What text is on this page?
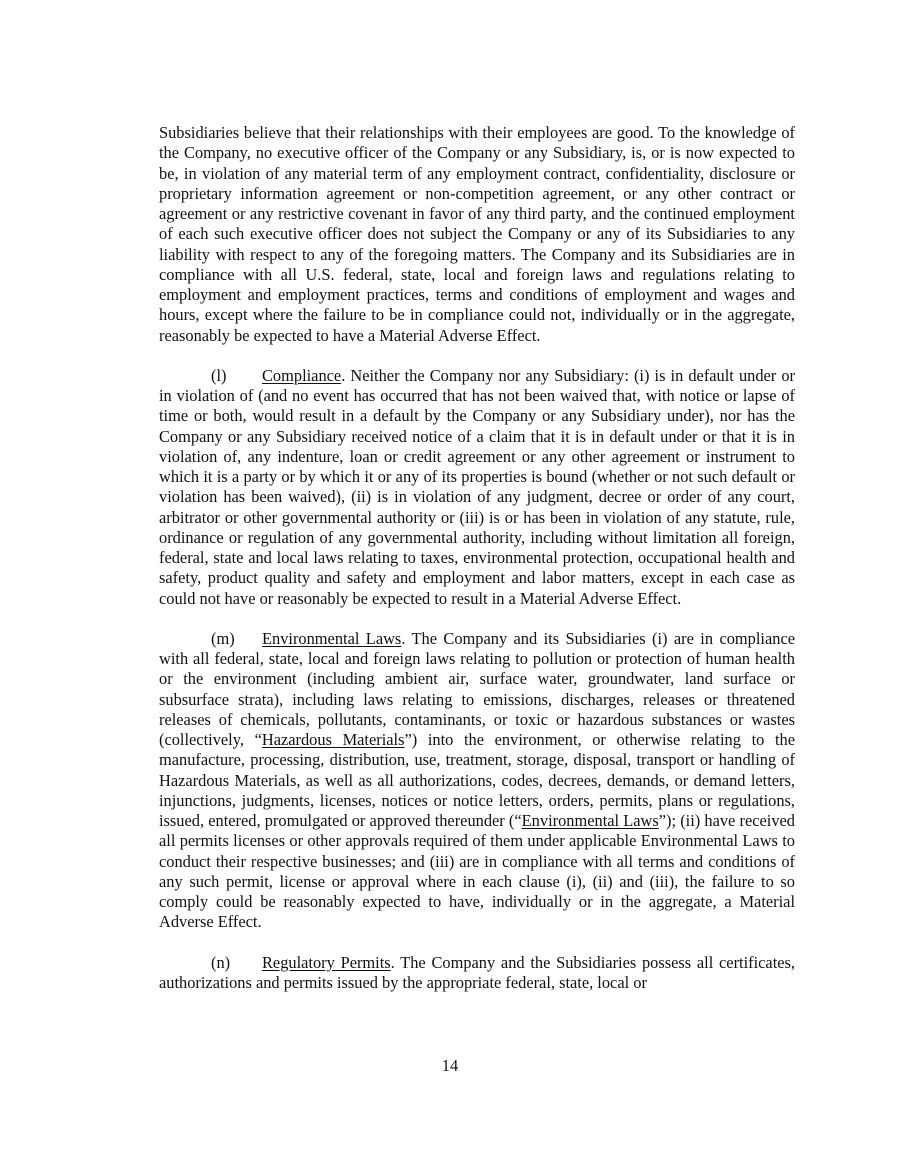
Subsidiaries believe that their relationships with their employees are good. To the knowledge of the Company, no executive officer of the Company or any Subsidiary, is, or is now expected to be, in violation of any material term of any employment contract, confidentiality, disclosure or proprietary information agreement or non-competition agreement, or any other contract or agreement or any restrictive covenant in favor of any third party, and the continued employment of each such executive officer does not subject the Company or any of its Subsidiaries to any liability with respect to any of the foregoing matters. The Company and its Subsidiaries are in compliance with all U.S. federal, state, local and foreign laws and regulations relating to employment and employment practices, terms and conditions of employment and wages and hours, except where the failure to be in compliance could not, individually or in the aggregate, reasonably be expected to have a Material Adverse Effect.

(l) Compliance. Neither the Company nor any Subsidiary: (i) is in default under or in violation of (and no event has occurred that has not been waived that, with notice or lapse of time or both, would result in a default by the Company or any Subsidiary under), nor has the Company or any Subsidiary received notice of a claim that it is in default under or that it is in violation of, any indenture, loan or credit agreement or any other agreement or instrument to which it is a party or by which it or any of its properties is bound (whether or not such default or violation has been waived), (ii) is in violation of any judgment, decree or order of any court, arbitrator or other governmental authority or (iii) is or has been in violation of any statute, rule, ordinance or regulation of any governmental authority, including without limitation all foreign, federal, state and local laws relating to taxes, environmental protection, occupational health and safety, product quality and safety and employment and labor matters, except in each case as could not have or reasonably be expected to result in a Material Adverse Effect.

(m) Environmental Laws. The Company and its Subsidiaries (i) are in compliance with all federal, state, local and foreign laws relating to pollution or protection of human health or the environment (including ambient air, surface water, groundwater, land surface or subsurface strata), including laws relating to emissions, discharges, releases or threatened releases of chemicals, pollutants, contaminants, or toxic or hazardous substances or wastes (collectively, “Hazardous Materials”) into the environment, or otherwise relating to the manufacture, processing, distribution, use, treatment, storage, disposal, transport or handling of Hazardous Materials, as well as all authorizations, codes, decrees, demands, or demand letters, injunctions, judgments, licenses, notices or notice letters, orders, permits, plans or regulations, issued, entered, promulgated or approved thereunder (“Environmental Laws”); (ii) have received all permits licenses or other approvals required of them under applicable Environmental Laws to conduct their respective businesses; and (iii) are in compliance with all terms and conditions of any such permit, license or approval where in each clause (i), (ii) and (iii), the failure to so comply could be reasonably expected to have, individually or in the aggregate, a Material Adverse Effect.

(n) Regulatory Permits. The Company and the Subsidiaries possess all certificates, authorizations and permits issued by the appropriate federal, state, local or

14
